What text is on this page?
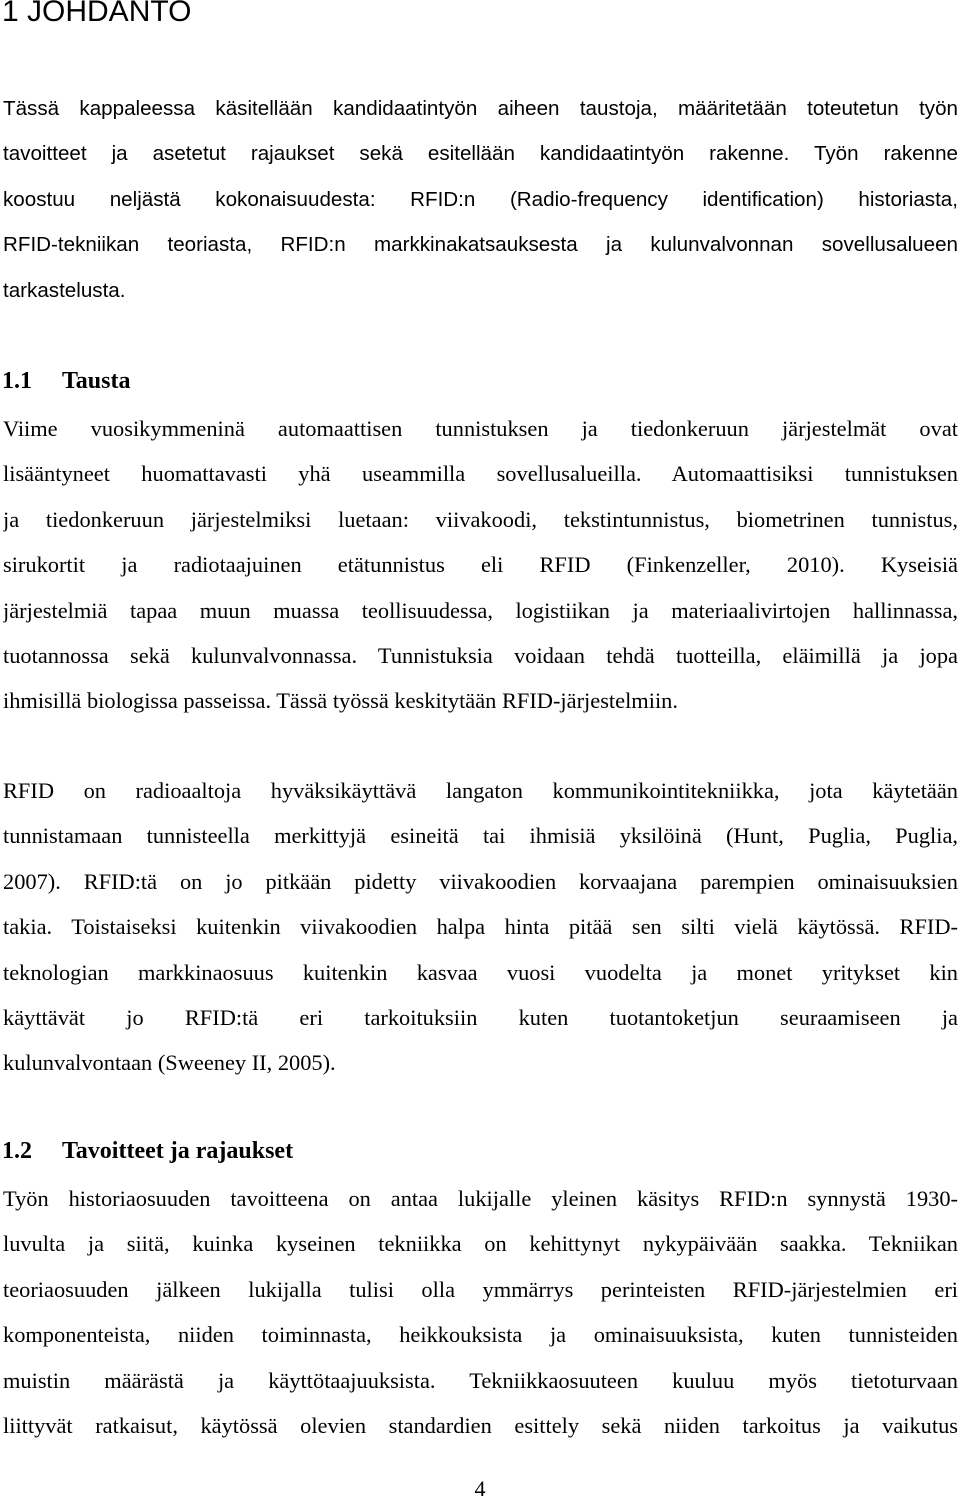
1 JOHDANTO
Tässä kappaleessa käsitellään kandidaatintyön aiheen taustoja, määritetään toteutetun työn
tavoitteet ja asetetut rajaukset sekä esitellään kandidaatintyön rakenne. Työn rakenne
koostuu neljästä kokonaisuudesta: RFID:n (Radio-frequency identification) historiasta,
RFID-tekniikan teoriasta, RFID:n markkinakatsauksesta ja kulunvalvonnan sovellusalueen
tarkastelusta.
1.1 Tausta
Viime vuosikymmeninä automaattisen tunnistuksen ja tiedonkeruun järjestelmät ovat
lisääntyneet huomattavasti yhä useammilla sovellusalueilla. Automaattisiksi tunnistuksen
ja tiedonkeruun järjestelmiksi luetaan: viivakoodi, tekstintunnistus, biometrinen tunnistus,
sirukortit ja radiotaajuinen etätunnistus eli RFID (Finkenzeller, 2010). Kyseisiä
järjestelmiä tapaa muun muassa teollisuudessa, logistiikan ja materiaalivirtojen hallinnassa,
tuotannossa sekä kulunvalvonnassa. Tunnistuksia voidaan tehdä tuotteilla, eläimillä ja jopa
ihmisillä biologissa passeissa. Tässä työssä keskitytään RFID-järjestelmiin.
RFID on radioaaltoja hyväksikäyttävä langaton kommunikointitekniikka, jota käytetään
tunnistamaan tunnisteella merkittyjä esineitä tai ihmisiä yksilöinä (Hunt, Puglia, Puglia,
2007). RFID:tä on jo pitkään pidetty viivakoodien korvaajana parempien ominaisuuksien
takia. Toistaiseksi kuitenkin viivakoodien halpa hinta pitää sen silti vielä käytössä. RFID-
teknologian markkinaosuus kuitenkin kasvaa vuosi vuodelta ja monet yritykset kin
käyttävät jo RFID:tä eri tarkoituksiin kuten tuotantoketjun seuraamiseen ja
kulunvalvontaan (Sweeney II, 2005).
1.2 Tavoitteet ja rajaukset
Työn historiaosuuden tavoitteena on antaa lukijalle yleinen käsitys RFID:n synnystä 1930-
luvulta ja siitä, kuinka kyseinen tekniikka on kehittynyt nykypäivään saakka. Tekniikan
teoriaosuuden jälkeen lukijalla tulisi olla ymmärrys perinteisten RFID-järjestelmien eri
komponenteista, niiden toiminnasta, heikkouksista ja ominaisuuksista, kuten tunnisteiden
muistin määrästä ja käyttötaajuuksista. Tekniikkaosuuteen kuuluu myös tietoturvaan
liittyvät ratkaisut, käytössä olevien standardien esittely sekä niiden tarkoitus ja vaikutus

4
